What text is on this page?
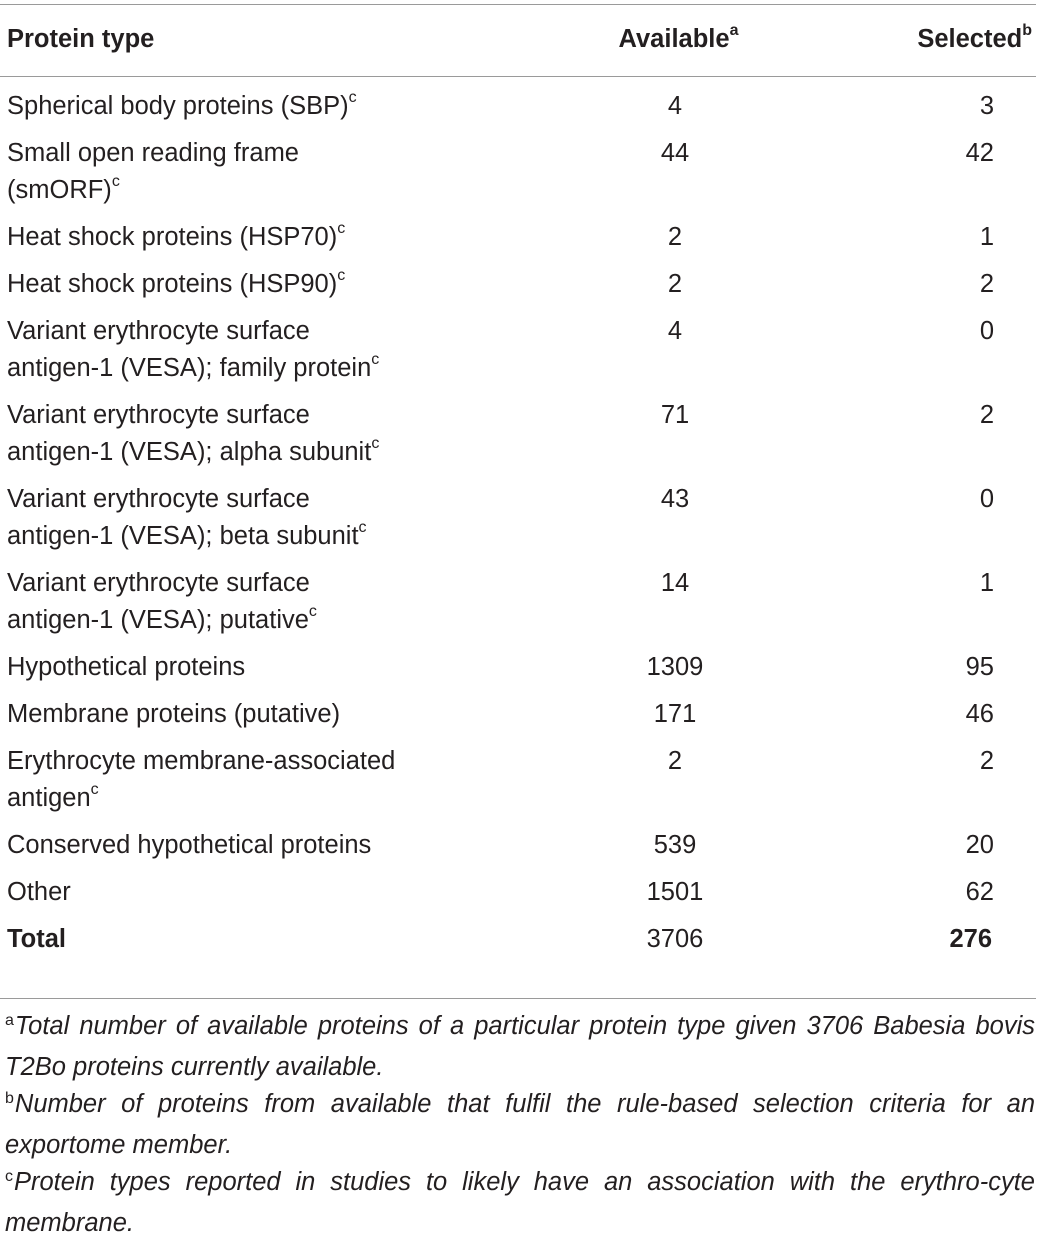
Protein type	Available$^a$	Selected$^b$
Spherical body proteins (SBP)$^c$	4	3
Small open reading frame
(smORF)$^c$	44	42
Heat shock proteins $(HSP70)^c$	2	1
Heat shock proteins $(HSP90)^c$	2	2
Variant erythrocyte surface
antigen-1 (VESA); family protein$^c$	4	0
Variant erythrocyte surface
antigen-1 (VESA); alpha subunit$^c$	71	2
Variant erythrocyte surface
antigen-1 (VESA); beta subunit$^c$	43	0
Variant erythrocyte surface
antigen-1 (VESA); putative$^c$	14	1
Hypothetical proteins	1309	95
Membrane proteins (putative)	171	46
Erythrocyte membrane-associated
antigen$^c$	2	2
Conserved hypothetical proteins	539	20
Other	1501	62
Total	3706	276

$^a$Total number of available proteins of a particular protein type given 3706 Babesia bovis T2Bo proteins currently available.

$^b$Number of proteins from available that fulfil the rule-based selection criteria for an exportome member.

$^c$Protein types reported in studies to likely have an association with the erythro-cyte membrane.
